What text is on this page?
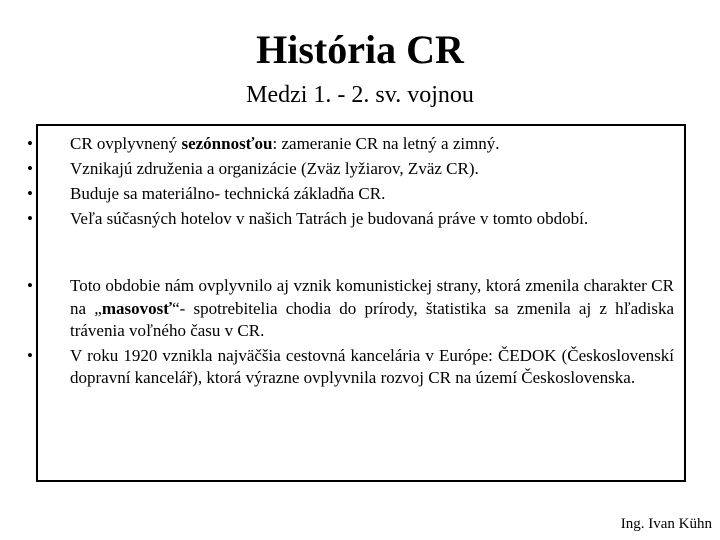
História CR
Medzi 1. - 2. sv. vojnou
• CR ovplyvnený sezónnosťou: zameranie CR na letný a zimný.
• Vznikajú združenia a organizácie (Zväz lyžiarov, Zväz CR).
• Buduje sa materiálno- technická základňa CR.
• Veľa súčasných hotelov v našich Tatrách je budovaná práve v tomto období.
• Toto obdobie nám ovplyvnilo aj vznik komunistickej strany, ktorá zmenila charakter CR na „masovosť“- spotrebitelia chodia do prírody, štatistika sa zmenila aj z hľadiska trávenia voľného času v CR.
• V roku 1920 vznikla najväčšia cestovná kancelária v Európe: ČEDOK (Československí dopravní kancelář), ktorá výrazne ovplyvnila rozvoj CR na území Československa.
Ing. Ivan Kühn
